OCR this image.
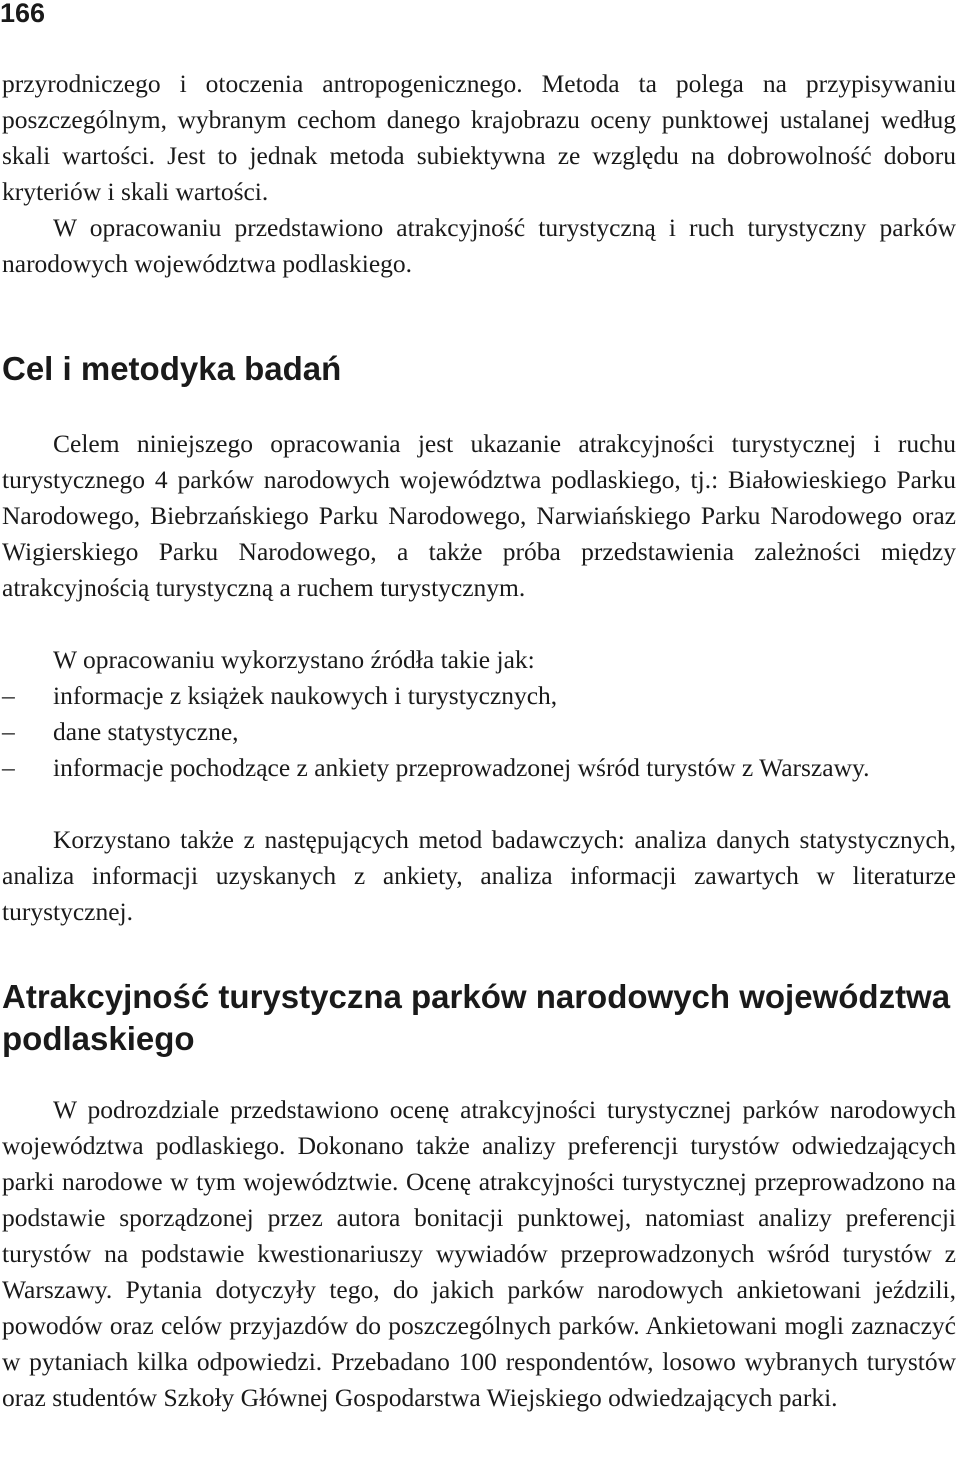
166

przyrodniczego i otoczenia antropogenicznego. Metoda ta polega na przypisywaniu poszczególnym, wybranym cechom danego krajobrazu oceny punktowej ustalanej według skali wartości. Jest to jednak metoda subiektywna ze względu na dobrowolność doboru kryteriów i skali wartości.

W opracowaniu przedstawiono atrakcyjność turystyczną i ruch turystyczny parków narodowych województwa podlaskiego.

Cel i metodyka badań

Celem niniejszego opracowania jest ukazanie atrakcyjności turystycznej i ruchu turystycznego 4 parków narodowych województwa podlaskiego, tj.: Białowieskiego Parku Narodowego, Biebrzańskiego Parku Narodowego, Narwiańskiego Parku Narodowego oraz Wigierskiego Parku Narodowego, a także próba przedstawienia zależności między atrakcyjnością turystyczną a ruchem turystycznym.

W opracowaniu wykorzystano źródła takie jak:

–	informacje z książek naukowych i turystycznych,
–	dane statystyczne,
–	informacje pochodzące z ankiety przeprowadzonej wśród turystów z Warszawy.

Korzystano także z następujących metod badawczych: analiza danych statystycznych, analiza informacji uzyskanych z ankiety, analiza informacji zawartych w literaturze turystycznej.

Atrakcyjność turystyczna parków narodowych województwa podlaskiego

W podrozdziale przedstawiono ocenę atrakcyjności turystycznej parków narodowych województwa podlaskiego. Dokonano także analizy preferencji turystów odwiedzających parki narodowe w tym województwie. Ocenę atrakcyjności turystycznej przeprowadzono na podstawie sporządzonej przez autora bonitacji punktowej, natomiast analizy preferencji turystów na podstawie kwestionariuszy wywiadów przeprowadzonych wśród turystów z Warszawy. Pytania dotyczyły tego, do jakich parków narodowych ankietowani jeździli, powodów oraz celów przyjazdów do poszczególnych parków. Ankietowani mogli zaznaczyć w pytaniach kilka odpowiedzi. Przebadano 100 respondentów, losowo wybranych turystów oraz studentów Szkoły Głównej Gospodarstwa Wiejskiego odwiedzających parki.
